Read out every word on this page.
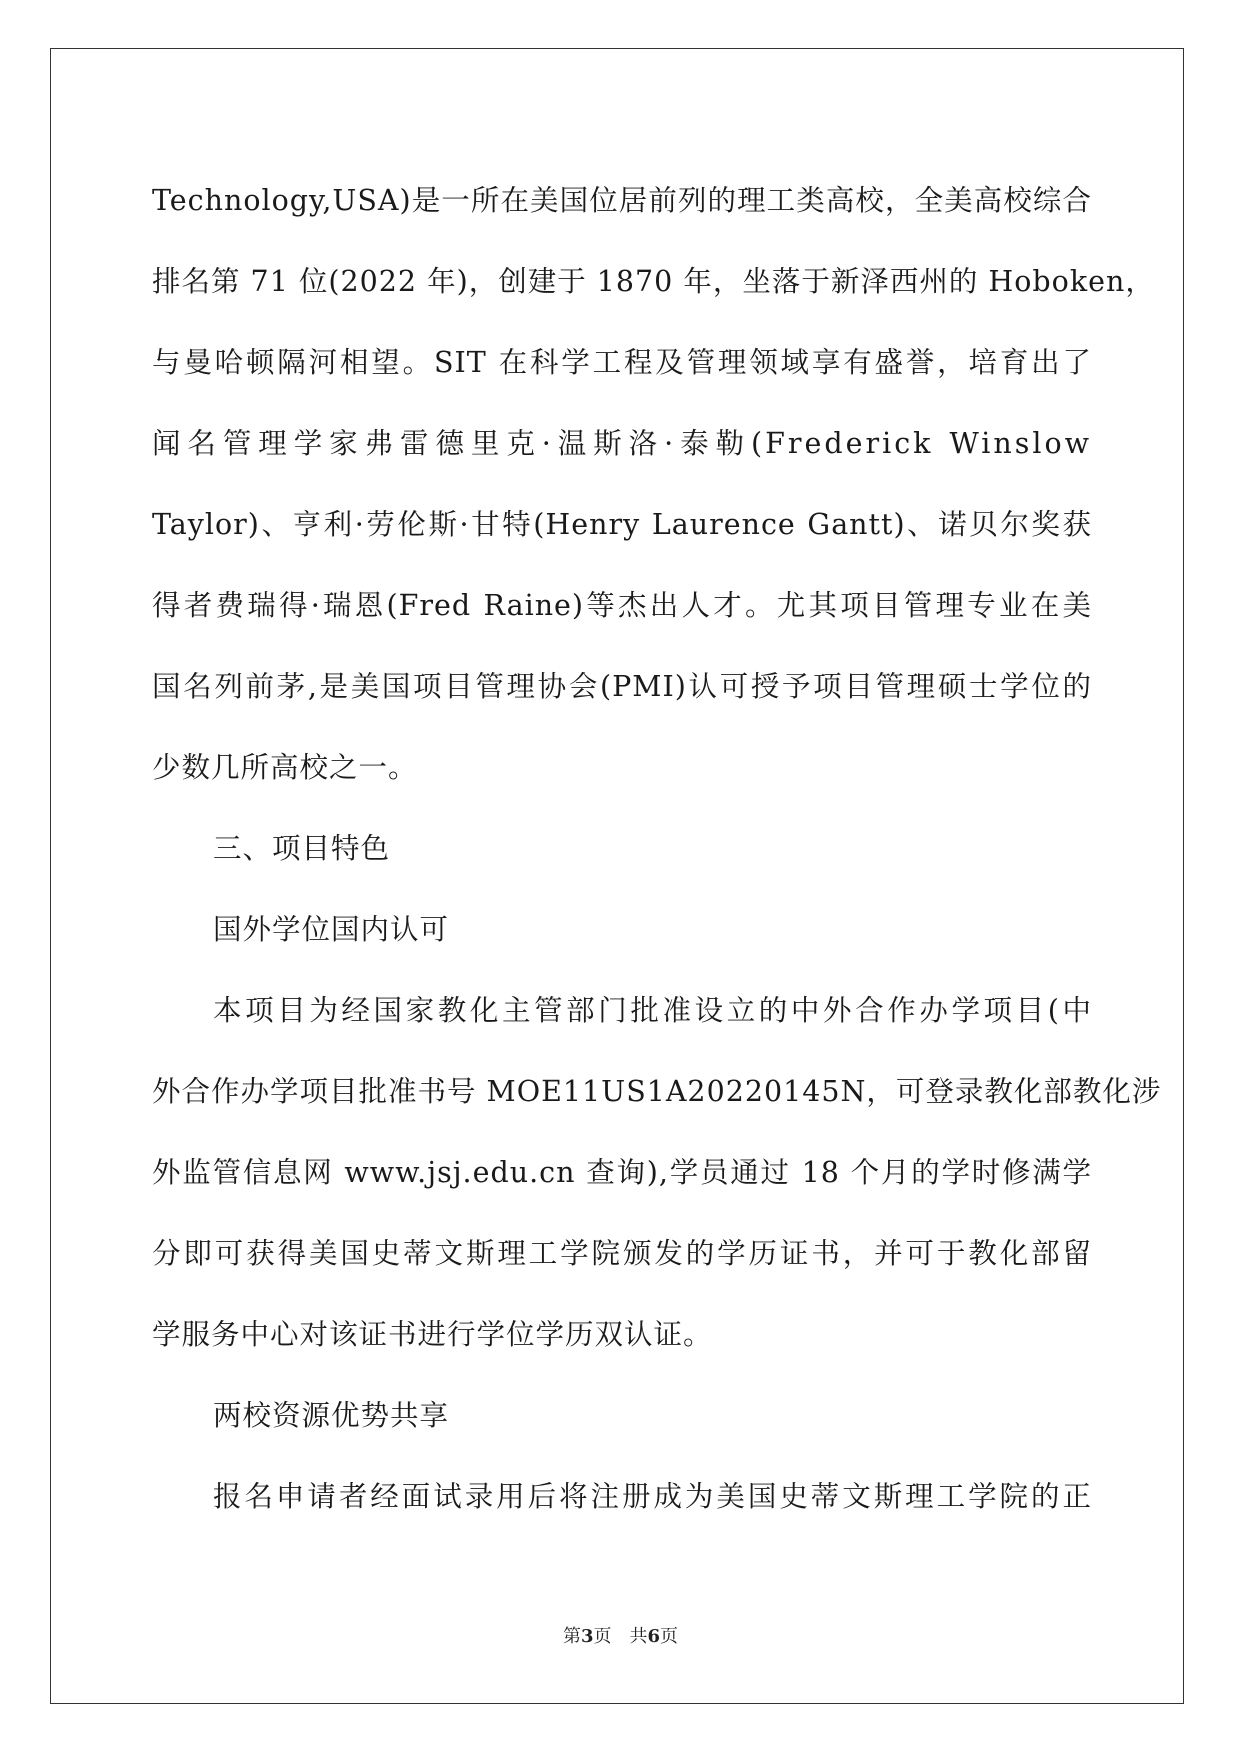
Technology,USA)是一所在美国位居前列的理工类高校，全美高校综合
排名第 71 位(2022 年)，创建于 1870 年，坐落于新泽西州的 Hoboken，
与曼哈顿隔河相望。SIT 在科学工程及管理领域享有盛誉，培育出了
闻名管理学家弗雷德里克·温斯洛·泰勒(Frederick Winslow
Taylor)、亨利·劳伦斯·甘特(Henry Laurence Gantt)、诺贝尔奖获
得者费瑞得·瑞恩(Fred Raine)等杰出人才。尤其项目管理专业在美
国名列前茅,是美国项目管理协会(PMI)认可授予项目管理硕士学位的
少数几所高校之一。
三、项目特色
国外学位国内认可
本项目为经国家教化主管部门批准设立的中外合作办学项目(中
外合作办学项目批准书号 MOE11US1A20220145N，可登录教化部教化涉
外监管信息网 www.jsj.edu.cn 查询),学员通过 18 个月的学时修满学
分即可获得美国史蒂文斯理工学院颁发的学历证书，并可于教化部留
学服务中心对该证书进行学位学历双认证。
两校资源优势共享
报名申请者经面试录用后将注册成为美国史蒂文斯理工学院的正
第3页　共6页
